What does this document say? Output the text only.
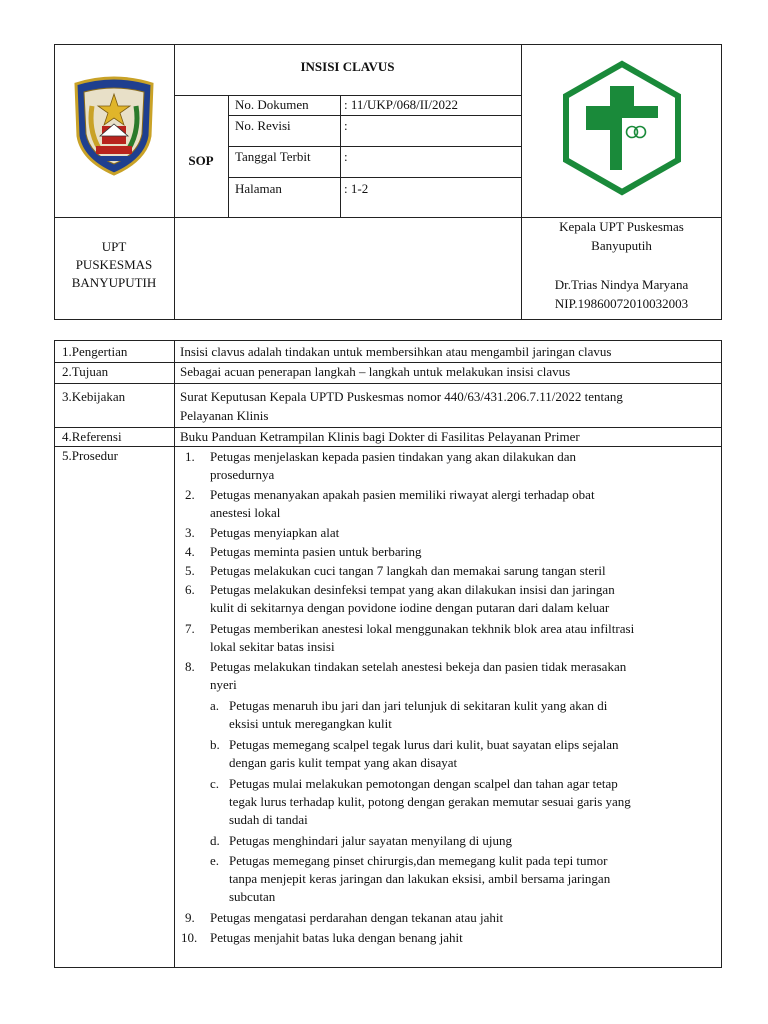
INSISI CLAVUS
SOP
No. Dokumen	: 11/UKP/068/II/2022
No. Revisi	:
Tanggal Terbit	:
Halaman	: 1-2
UPT
PUSKESMAS
BANYUPUTIH
Kepala UPT Puskesmas
Banyuputih
Dr.Trias Nindya Maryana
NIP.19860072010032003
1.Pengertian	Insisi clavus adalah tindakan untuk membersihkan atau mengambil jaringan clavus
2.Tujuan	Sebagai acuan penerapan langkah – langkah untuk melakukan insisi clavus
3.Kebijakan	Surat Keputusan Kepala UPTD Puskesmas nomor 440/63/431.206.7.11/2022 tentang
Pelayanan Klinis
4.Referensi	Buku Panduan Ketrampilan Klinis bagi Dokter di Fasilitas Pelayanan Primer
5.Prosedur	1. Petugas menjelaskan kepada pasien tindakan yang akan dilakukan dan
prosedurnya
2. Petugas menanyakan apakah pasien memiliki riwayat alergi terhadap obat
anestesi lokal
3. Petugas menyiapkan alat
4. Petugas meminta pasien untuk berbaring
5. Petugas melakukan cuci tangan 7 langkah dan memakai sarung tangan steril
6. Petugas melakukan desinfeksi tempat yang akan dilakukan insisi dan jaringan
kulit di sekitarnya dengan povidone iodine dengan putaran dari dalam keluar
7. Petugas memberikan anestesi lokal menggunakan tekhnik blok area atau infiltrasi
lokal sekitar batas insisi
8. Petugas melakukan tindakan setelah anestesi bekeja dan pasien tidak merasakan
nyeri
a. Petugas menaruh ibu jari dan jari telunjuk di sekitaran kulit yang akan di
eksisi untuk meregangkan kulit
b. Petugas memegang scalpel tegak lurus dari kulit, buat sayatan elips sejalan
dengan garis kulit tempat yang akan disayat
c. Petugas mulai melakukan pemotongan dengan scalpel dan tahan agar tetap
tegak lurus terhadap kulit, potong dengan gerakan memutar sesuai garis yang
sudah di tandai
d. Petugas menghindari jalur sayatan menyilang di ujung
e. Petugas memegang pinset chirurgis,dan memegang kulit pada tepi tumor
tanpa menjepit keras jaringan dan lakukan eksisi, ambil bersama jaringan
subcutan
9. Petugas mengatasi perdarahan dengan tekanan atau jahit
10. Petugas menjahit batas luka dengan benang jahit
